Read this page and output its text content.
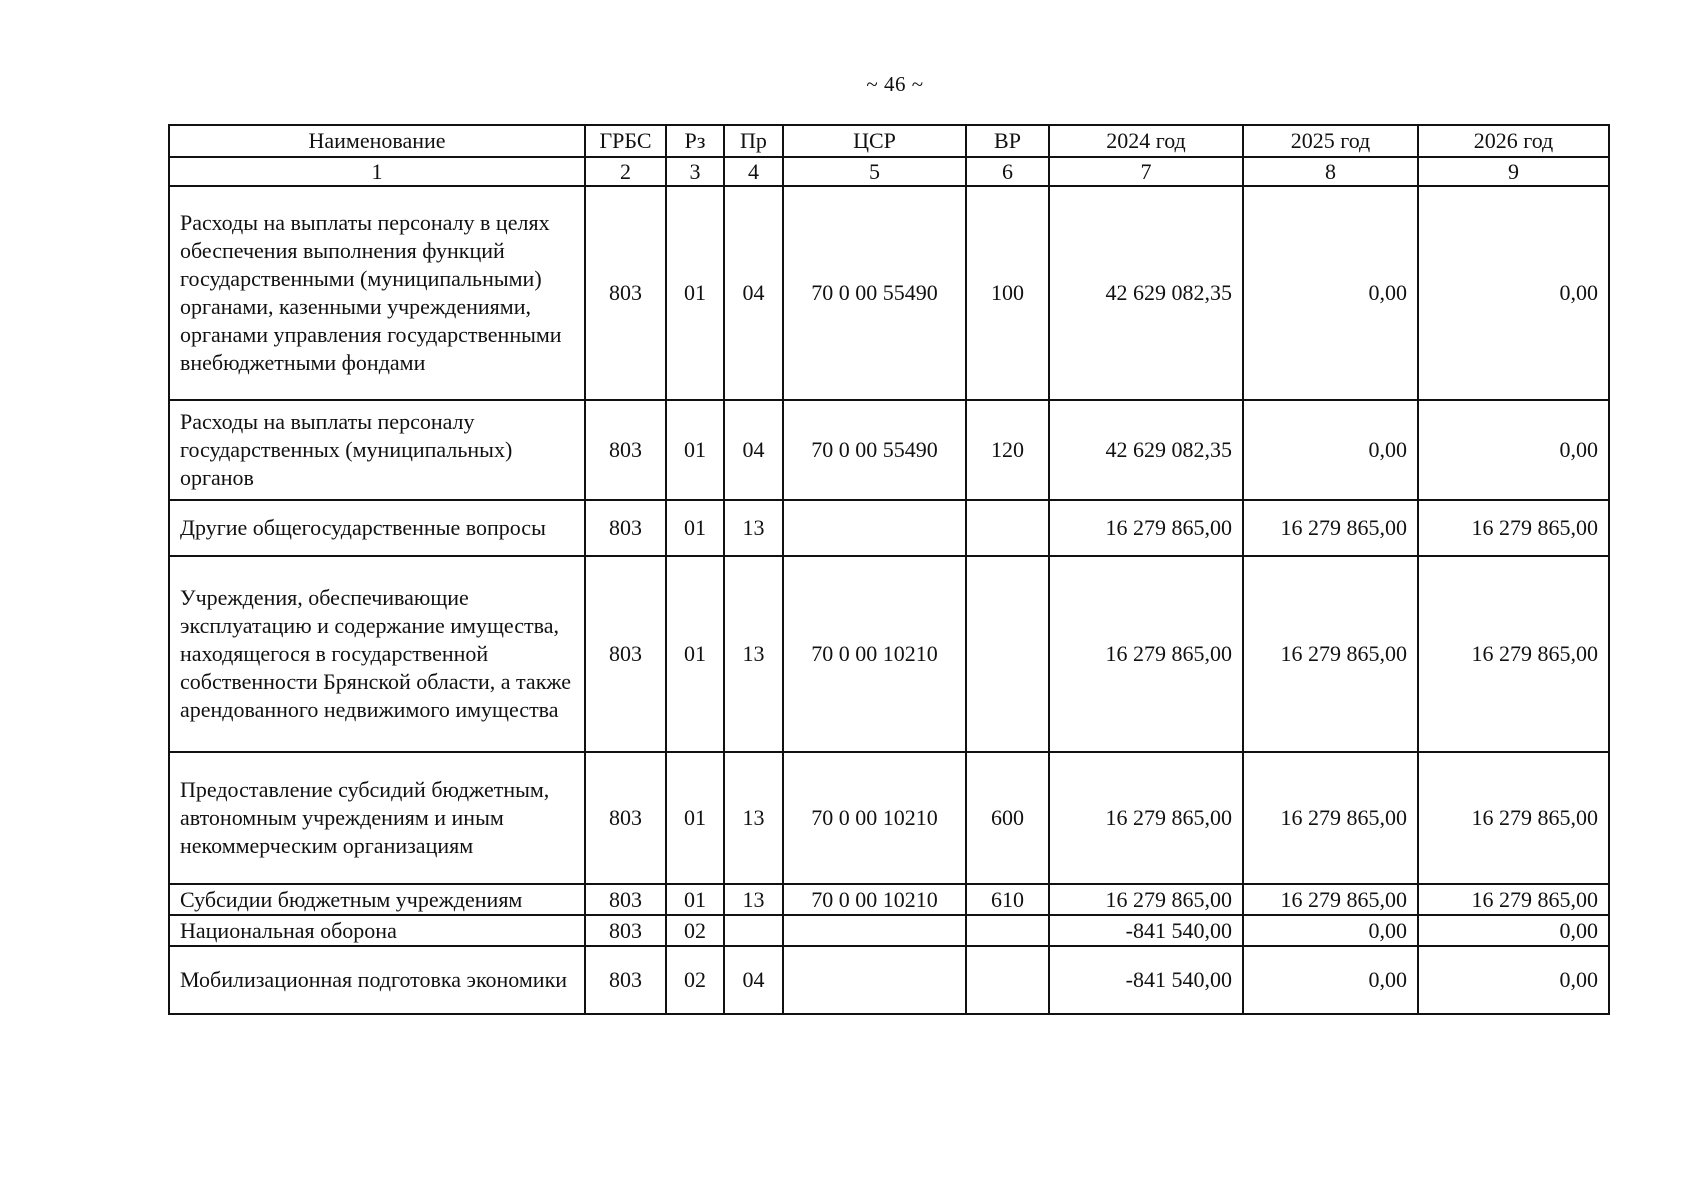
~ 46 ~
Наименование	ГРБС	Рз	Пр	ЦСР	ВР	2024 год	2025 год	2026 год
1	2	3	4	5	6	7	8	9
Расходы на выплаты персоналу в целях обеспечения выполнения функций государственными (муниципальными) органами, казенными учреждениями, органами управления государственными внебюджетными фондами	803	01	04	70 0 00 55490	100	42 629 082,35	0,00	0,00
Расходы на выплаты персоналу государственных (муниципальных) органов	803	01	04	70 0 00 55490	120	42 629 082,35	0,00	0,00
Другие общегосударственные вопросы	803	01	13			16 279 865,00	16 279 865,00	16 279 865,00
Учреждения, обеспечивающие эксплуатацию и содержание имущества, находящегося в государственной собственности Брянской области, а также арендованного недвижимого имущества	803	01	13	70 0 00 10210		16 279 865,00	16 279 865,00	16 279 865,00
Предоставление субсидий бюджетным, автономным учреждениям и иным некоммерческим организациям	803	01	13	70 0 00 10210	600	16 279 865,00	16 279 865,00	16 279 865,00
Субсидии бюджетным учреждениям	803	01	13	70 0 00 10210	610	16 279 865,00	16 279 865,00	16 279 865,00
Национальная оборона	803	02				-841 540,00	0,00	0,00
Мобилизационная подготовка экономики	803	02	04			-841 540,00	0,00	0,00
